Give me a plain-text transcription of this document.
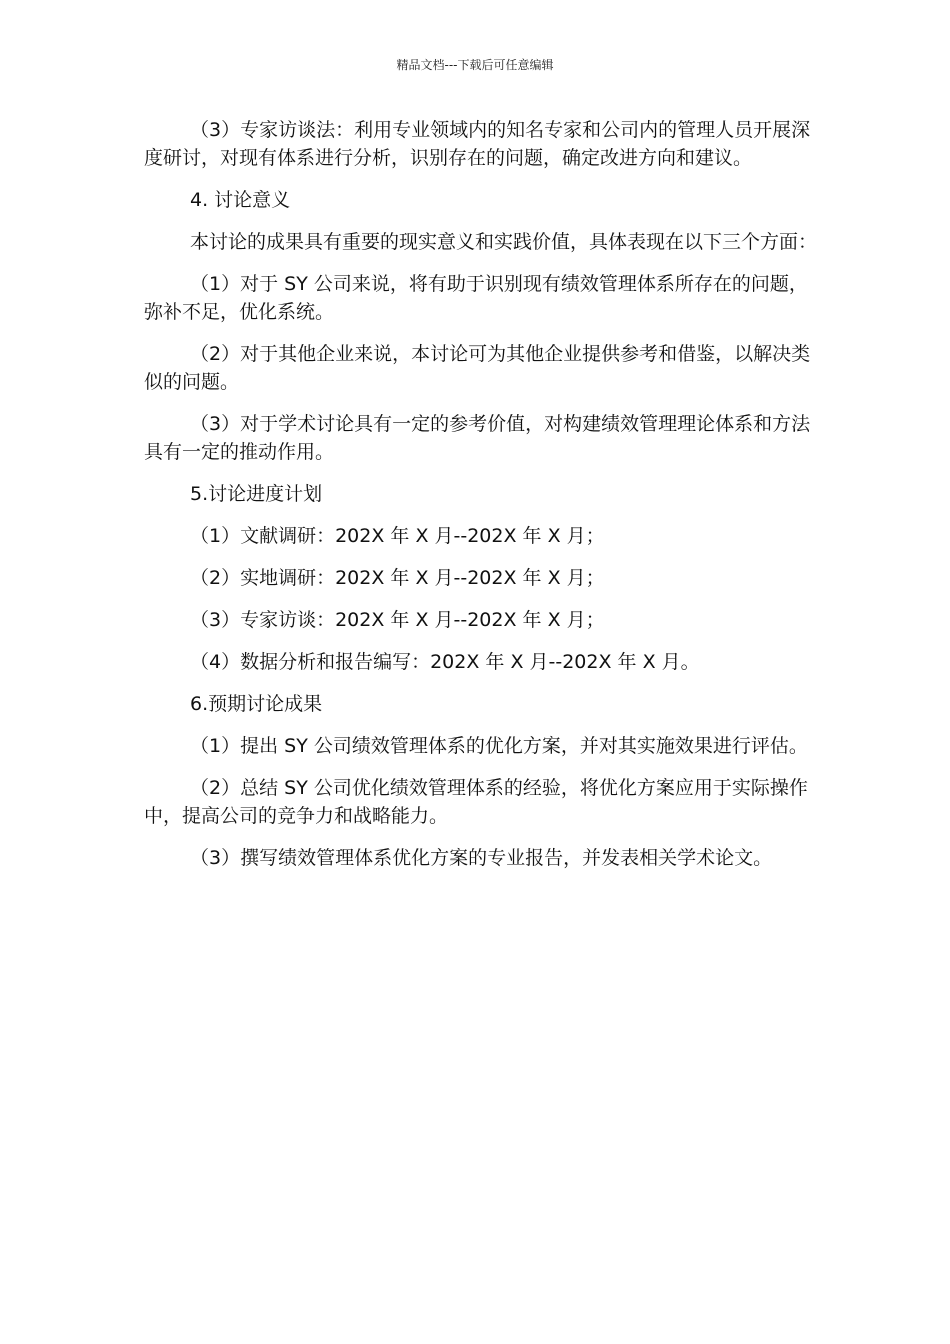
精品文档---下载后可任意编辑

（3）专家访谈法：利用专业领域内的知名专家和公司内的管理人员开展深度研讨，对现有体系进行分析，识别存在的问题，确定改进方向和建议。

4. 讨论意义

本讨论的成果具有重要的现实意义和实践价值，具体表现在以下三个方面：

（1）对于 SY 公司来说，将有助于识别现有绩效管理体系所存在的问题，弥补不足，优化系统。

（2）对于其他企业来说，本讨论可为其他企业提供参考和借鉴，以解决类似的问题。

（3）对于学术讨论具有一定的参考价值，对构建绩效管理理论体系和方法具有一定的推动作用。

5.讨论进度计划

（1）文献调研：202X 年 X 月--202X 年 X 月；

（2）实地调研：202X 年 X 月--202X 年 X 月；

（3）专家访谈：202X 年 X 月--202X 年 X 月；

（4）数据分析和报告编写：202X 年 X 月--202X 年 X 月。

6.预期讨论成果

（1）提出 SY 公司绩效管理体系的优化方案，并对其实施效果进行评估。

（2）总结 SY 公司优化绩效管理体系的经验，将优化方案应用于实际操作中，提高公司的竞争力和战略能力。

（3）撰写绩效管理体系优化方案的专业报告，并发表相关学术论文。
